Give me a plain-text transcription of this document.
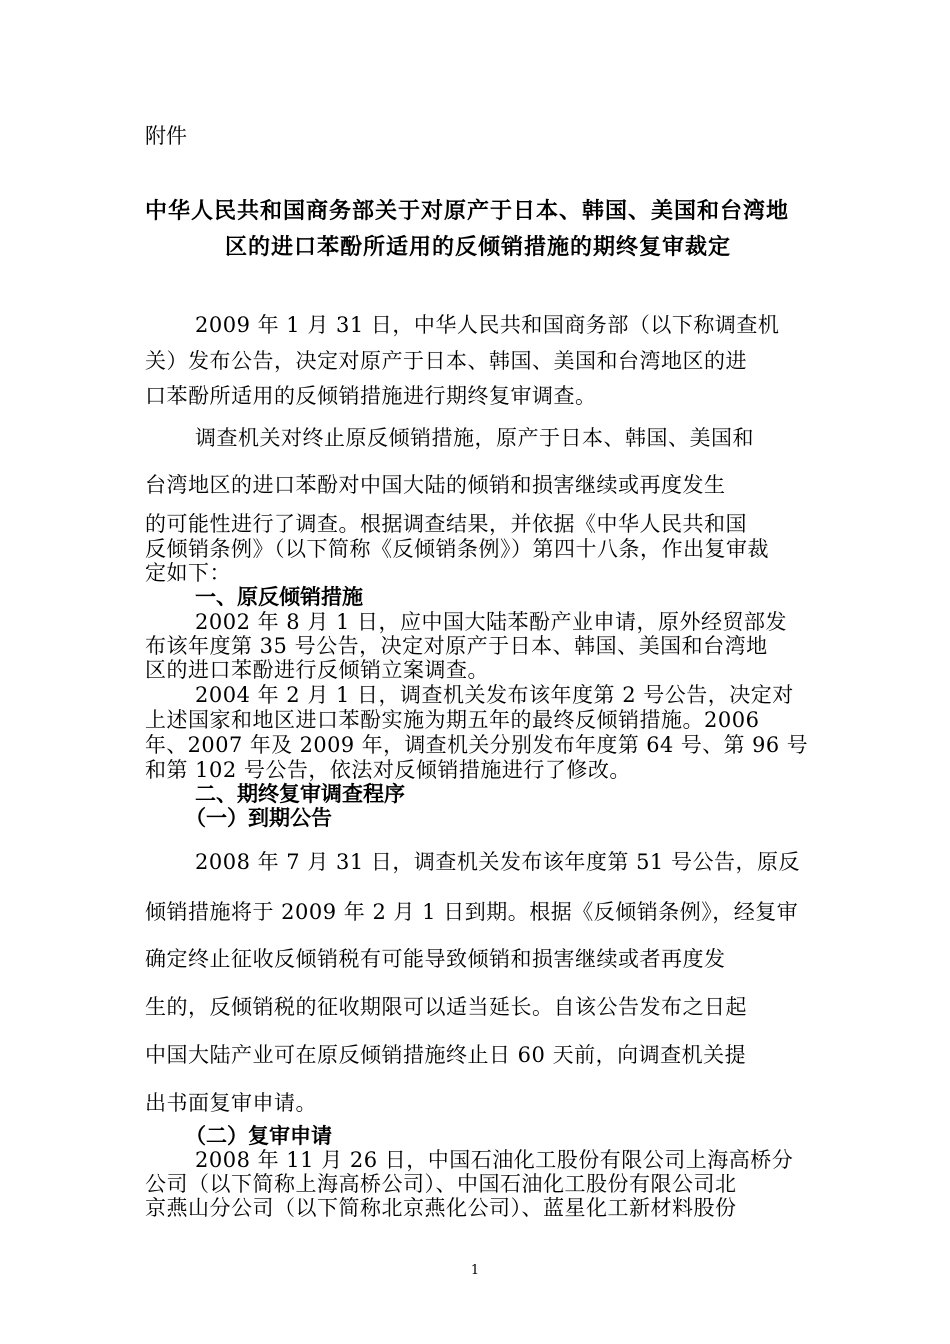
附件

中华人民共和国商务部关于对原产于日本、韩国、美国和台湾地

区的进口苯酚所适用的反倾销措施的期终复审裁定

2009 年 1 月 31 日，中华人民共和国商务部（以下称调查机

关）发布公告，决定对原产于日本、韩国、美国和台湾地区的进

口苯酚所适用的反倾销措施进行期终复审调查。

调查机关对终止原反倾销措施，原产于日本、韩国、美国和

台湾地区的进口苯酚对中国大陆的倾销和损害继续或再度发生

的可能性进行了调查。根据调查结果，并依据《中华人民共和国

反倾销条例》（以下简称《反倾销条例》）第四十八条，作出复审裁

定如下：

一、原反倾销措施

2002 年 8 月 1 日，应中国大陆苯酚产业申请，原外经贸部发

布该年度第 35 号公告，决定对原产于日本、韩国、美国和台湾地

区的进口苯酚进行反倾销立案调查。

2004 年 2 月 1 日，调查机关发布该年度第 2 号公告，决定对

上述国家和地区进口苯酚实施为期五年的最终反倾销措施。2006

年、2007 年及 2009 年，调查机关分别发布年度第 64 号、第 96 号

和第 102 号公告，依法对反倾销措施进行了修改。

二、期终复审调查程序

（一）到期公告

2008 年 7 月 31 日，调查机关发布该年度第 51 号公告，原反

倾销措施将于 2009 年 2 月 1 日到期。根据《反倾销条例》，经复审

确定终止征收反倾销税有可能导致倾销和损害继续或者再度发

生的，反倾销税的征收期限可以适当延长。自该公告发布之日起

中国大陆产业可在原反倾销措施终止日 60 天前，向调查机关提

出书面复审申请。

（二）复审申请

2008 年 11 月 26 日，中国石油化工股份有限公司上海高桥分

公司（以下简称上海高桥公司）、中国石油化工股份有限公司北

京燕山分公司（以下简称北京燕化公司）、蓝星化工新材料股份

1
